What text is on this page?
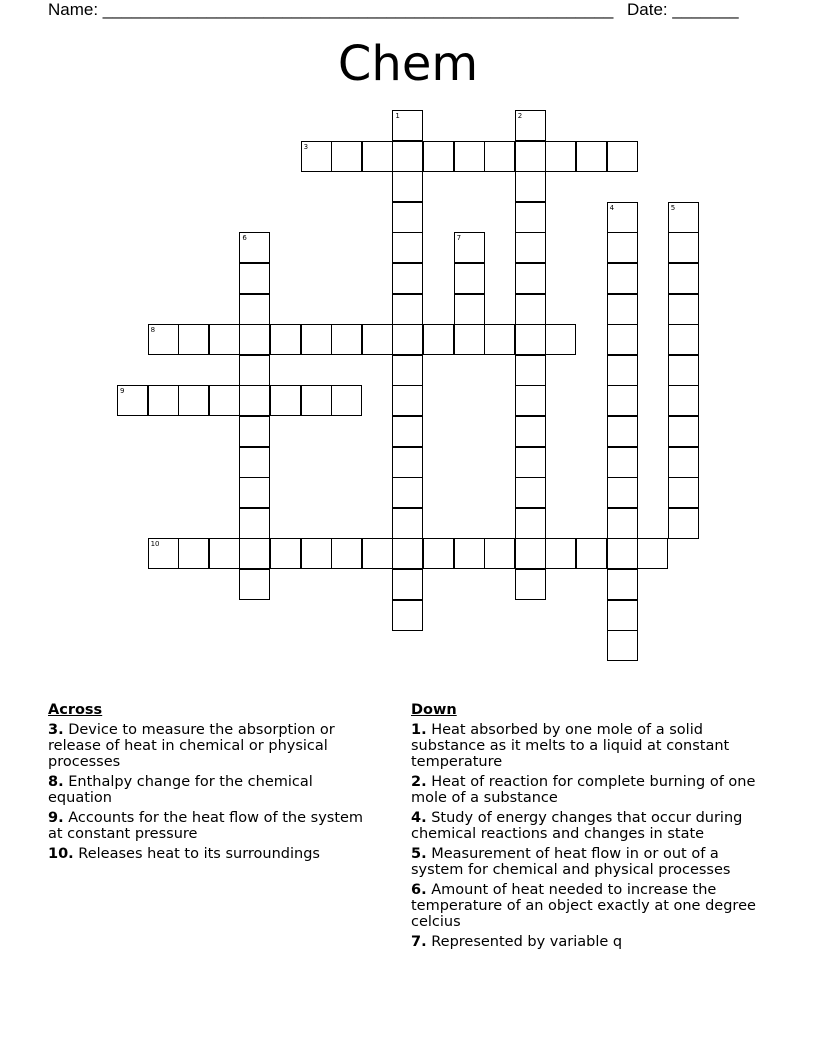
Name: ______________________________________________________ Date: _______
Chem
1	2
3
4	5
6	7
8
9
10
Across
3. Device to measure the absorption or release of heat in chemical or physical processes
8. Enthalpy change for the chemical equation
9. Accounts for the heat flow of the system at constant pressure
10. Releases heat to its surroundings
Down
1. Heat absorbed by one mole of a solid substance as it melts to a liquid at constant temperature
2. Heat of reaction for complete burning of one mole of a substance
4. Study of energy changes that occur during chemical reactions and changes in state
5. Measurement of heat flow in or out of a system for chemical and physical processes
6. Amount of heat needed to increase the temperature of an object exactly at one degree celcius
7. Represented by variable q
